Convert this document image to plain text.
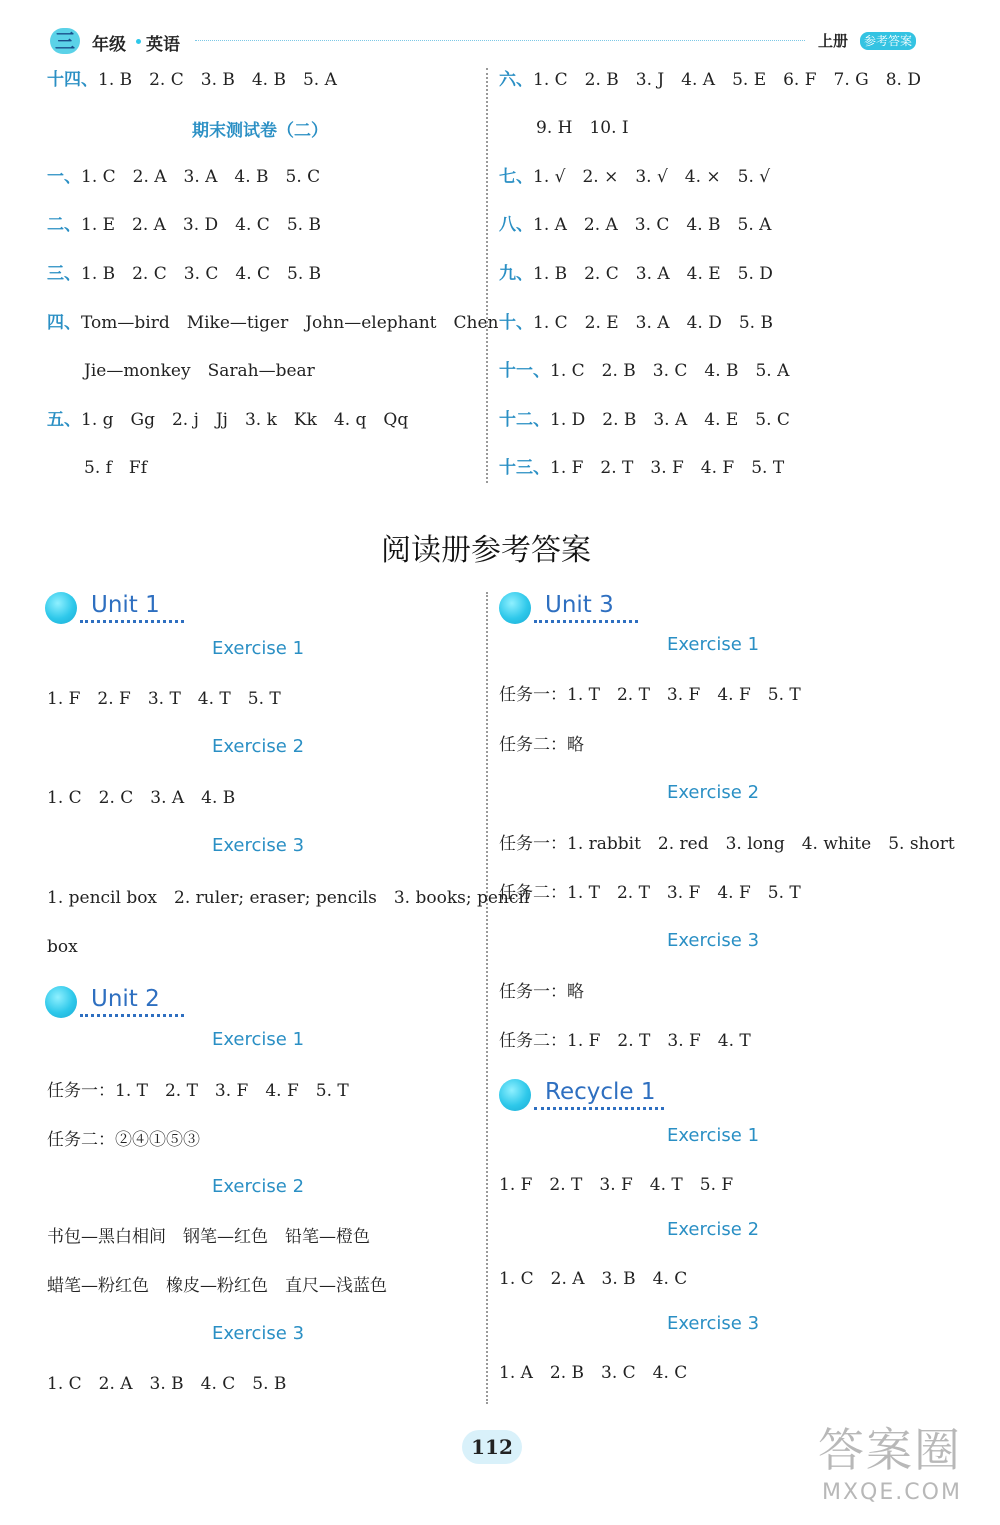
三 年级 英语	上册	参考答案
十四、1. B　2. C　3. B　4. B　5. A
期末测试卷（二）
一、1. C　2. A　3. A　4. B　5. C
二、1. E　2. A　3. D　4. C　5. B
三、1. B　2. C　3. C　4. C　5. B
四、Tom—bird　Mike—tiger　John—elephant　Chen
Jie—monkey　Sarah—bear
五、1. g　Gg　2. j　Jj　3. k　Kk　4. q　Qq
5. f　Ff
六、1. C　2. B　3. J　4. A　5. E　6. F　7. G　8. D
9. H　10. I
七、1. √　2. ×　3. √　4. ×　5. √
八、1. A　2. A　3. C　4. B　5. A
九、1. B　2. C　3. A　4. E　5. D
十、1. C　2. E　3. A　4. D　5. B
十一、1. C　2. B　3. C　4. B　5. A
十二、1. D　2. B　3. A　4. E　5. C
十三、1. F　2. T　3. F　4. F　5. T
阅读册参考答案
Unit 1
Exercise 1
1. F　2. F　3. T　4. T　5. T
Exercise 2
1. C　2. C　3. A　4. B
Exercise 3
1. pencil box　2. ruler; eraser; pencils　3. books; pencil
box
Unit 2
Exercise 1
任务一：1. T　2. T　3. F　4. F　5. T
任务二：②④①⑤③
Exercise 2
书包—黑白相间　钢笔—红色　铅笔—橙色
蜡笔—粉红色　橡皮—粉红色　直尺—浅蓝色
Exercise 3
1. C　2. A　3. B　4. C　5. B
Unit 3
Exercise 1
任务一：1. T　2. T　3. F　4. F　5. T
任务二：略
Exercise 2
任务一：1. rabbit　2. red　3. long　4. white　5. short
任务二：1. T　2. T　3. F　4. F　5. T
Exercise 3
任务一：略
任务二：1. F　2. T　3. F　4. T
Recycle 1
Exercise 1
1. F　2. T　3. F　4. T　5. F
Exercise 2
1. C　2. A　3. B　4. C
Exercise 3
1. A　2. B　3. C　4. C
112	答案圈
MXQE.COM
